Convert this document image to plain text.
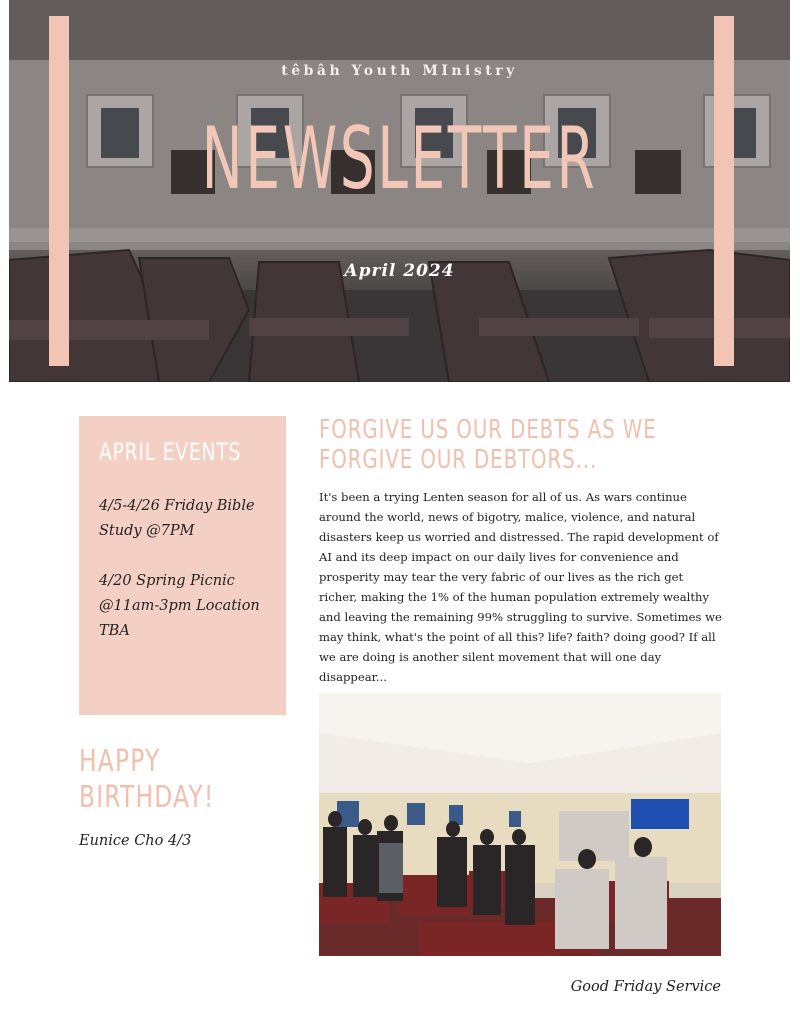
têbâh Youth MInistry
NEWSLETTER
April 2024
APRIL EVENTS
4/5-4/26 Friday Bible Study @7PM
4/20 Spring Picnic @11am-3pm Location TBA
HAPPY
BIRTHDAY!
Eunice Cho 4/3
FORGIVE US OUR DEBTS AS WE FORGIVE OUR DEBTORS...
It's been a trying Lenten season for all of us. As wars continue around the world, news of bigotry, malice, violence, and natural disasters keep us worried and distressed. The rapid development of AI and its deep impact on our daily lives for convenience and prosperity may tear the very fabric of our lives as the rich get richer, making the 1% of the human population extremely wealthy and leaving the remaining 99% struggling to survive. Sometimes we may think, what's the point of all this? life? faith? doing good? If all we are doing is another silent movement that will one day disappear...
Good Friday Service
